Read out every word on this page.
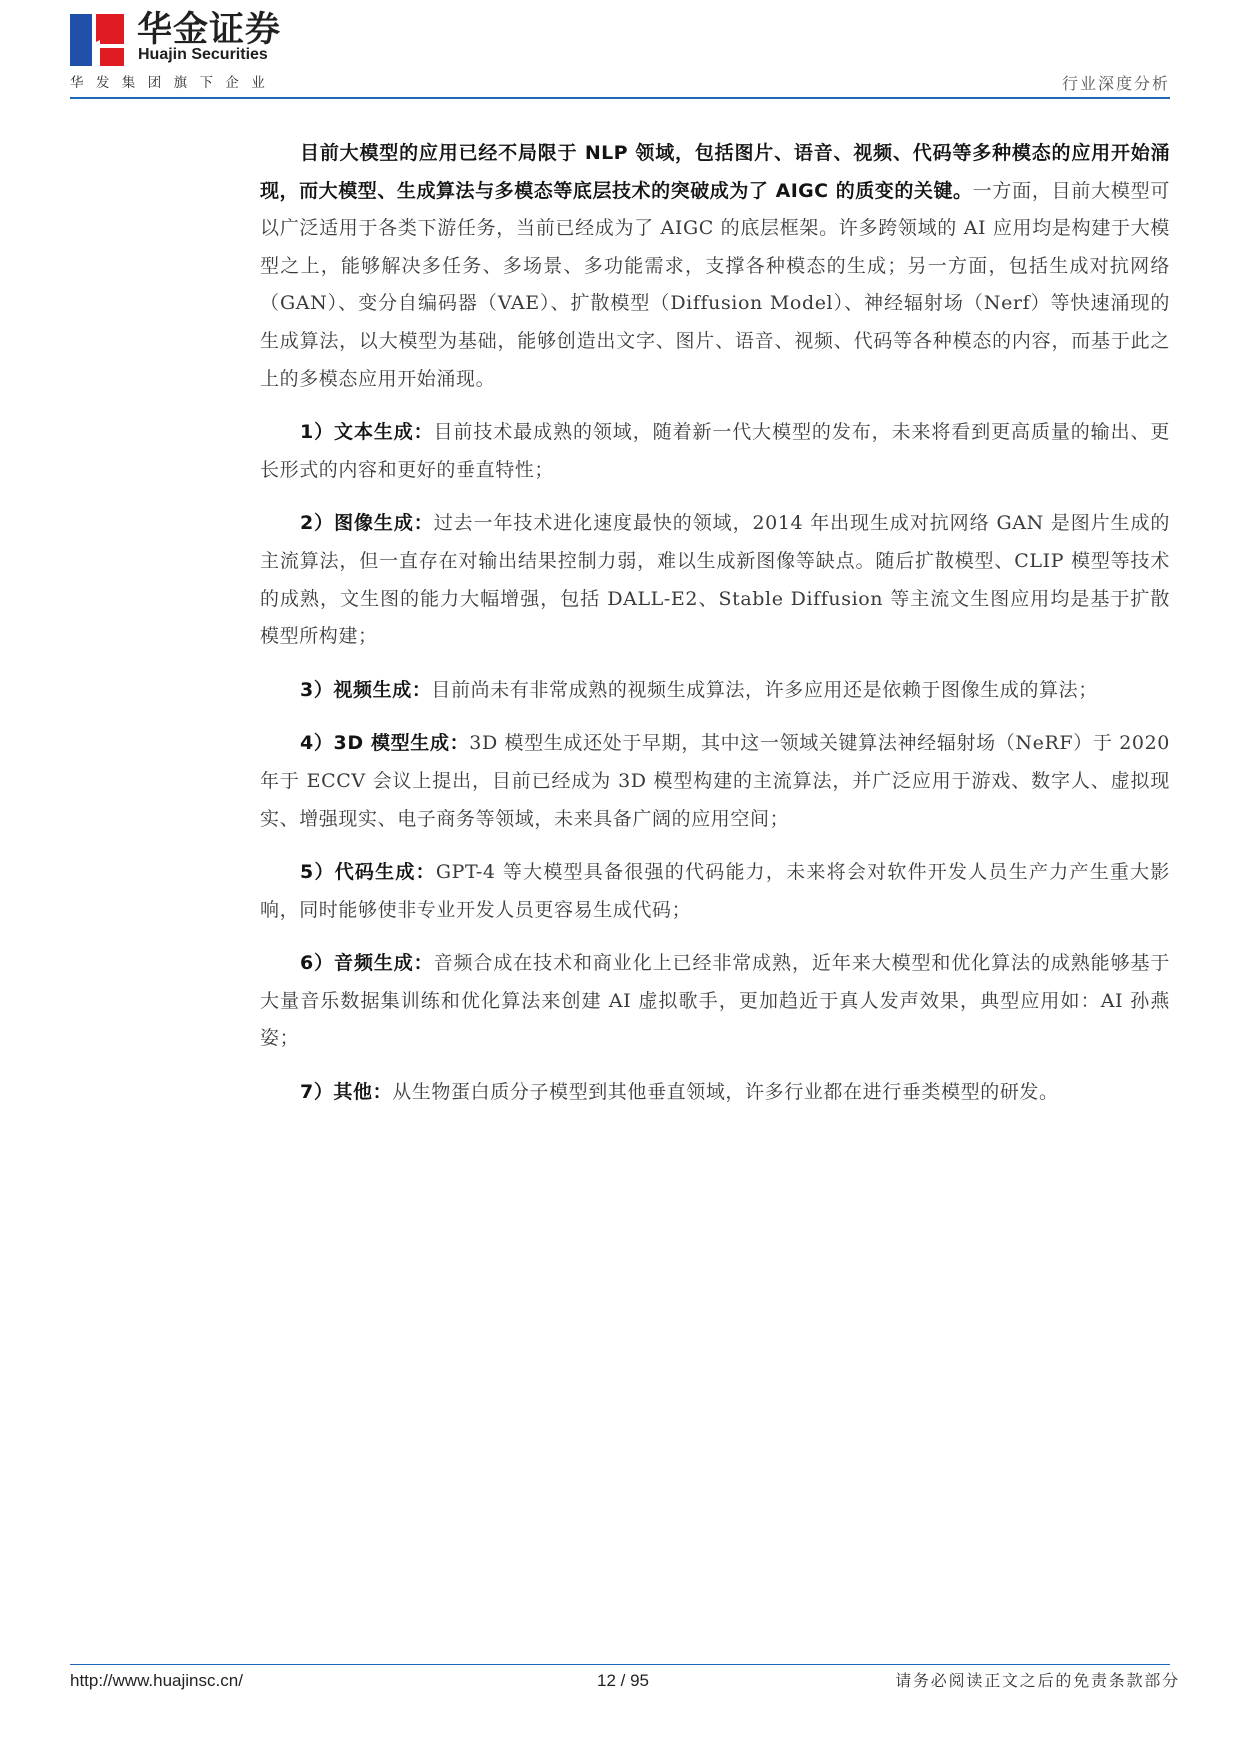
华金证券
Huajin Securities
华发集团旗下企业	行业深度分析

目前大模型的应用已经不局限于 NLP 领域，包括图片、语音、视频、代码等多种模态的应用开始涌现，而大模型、生成算法与多模态等底层技术的突破成为了 AIGC 的质变的关键。一方面，目前大模型可以广泛适用于各类下游任务，当前已经成为了 AIGC 的底层框架。许多跨领域的 AI 应用均是构建于大模型之上，能够解决多任务、多场景、多功能需求，支撑各种模态的生成；另一方面，包括生成对抗网络（GAN）、变分自编码器（VAE）、扩散模型（Diffusion Model）、神经辐射场（Nerf）等快速涌现的生成算法，以大模型为基础，能够创造出文字、图片、语音、视频、代码等各种模态的内容，而基于此之上的多模态应用开始涌现。

1）文本生成：目前技术最成熟的领域，随着新一代大模型的发布，未来将看到更高质量的输出、更长形式的内容和更好的垂直特性；

2）图像生成：过去一年技术进化速度最快的领域，2014 年出现生成对抗网络 GAN 是图片生成的主流算法，但一直存在对输出结果控制力弱，难以生成新图像等缺点。随后扩散模型、CLIP 模型等技术的成熟，文生图的能力大幅增强，包括 DALL-E2、Stable Diffusion 等主流文生图应用均是基于扩散模型所构建；

3）视频生成：目前尚未有非常成熟的视频生成算法，许多应用还是依赖于图像生成的算法；

4）3D 模型生成：3D 模型生成还处于早期，其中这一领域关键算法神经辐射场（NeRF）于 2020 年于 ECCV 会议上提出，目前已经成为 3D 模型构建的主流算法，并广泛应用于游戏、数字人、虚拟现实、增强现实、电子商务等领域，未来具备广阔的应用空间；

5）代码生成：GPT-4 等大模型具备很强的代码能力，未来将会对软件开发人员生产力产生重大影响，同时能够使非专业开发人员更容易生成代码；

6）音频生成：音频合成在技术和商业化上已经非常成熟，近年来大模型和优化算法的成熟能够基于大量音乐数据集训练和优化算法来创建 AI 虚拟歌手，更加趋近于真人发声效果，典型应用如：AI 孙燕姿；

7）其他：从生物蛋白质分子模型到其他垂直领域，许多行业都在进行垂类模型的研发。

http://www.huajinsc.cn/	12 / 95	请务必阅读正文之后的免责条款部分
